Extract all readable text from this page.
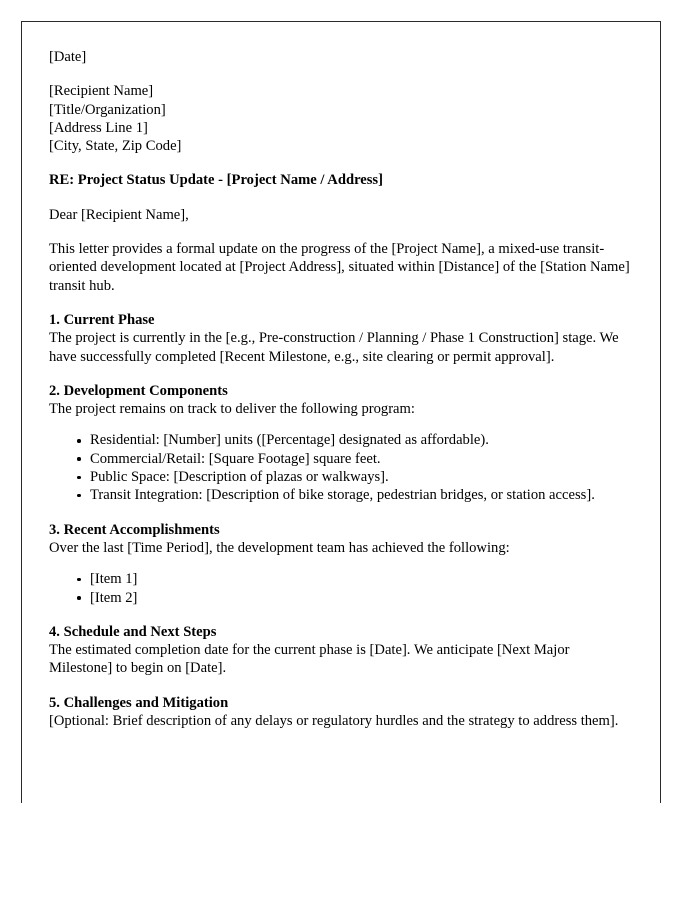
[Date]
[Recipient Name]
[Title/Organization]
[Address Line 1]
[City, State, Zip Code]
RE: Project Status Update - [Project Name / Address]
Dear [Recipient Name],
This letter provides a formal update on the progress of the [Project Name], a mixed-use transit-oriented development located at [Project Address], situated within [Distance] of the [Station Name] transit hub.
1. Current Phase
The project is currently in the [e.g., Pre-construction / Planning / Phase 1 Construction] stage. We have successfully completed [Recent Milestone, e.g., site clearing or permit approval].
2. Development Components
The project remains on track to deliver the following program:
Residential: [Number] units ([Percentage] designated as affordable).
Commercial/Retail: [Square Footage] square feet.
Public Space: [Description of plazas or walkways].
Transit Integration: [Description of bike storage, pedestrian bridges, or station access].
3. Recent Accomplishments
Over the last [Time Period], the development team has achieved the following:
[Item 1]
[Item 2]
4. Schedule and Next Steps
The estimated completion date for the current phase is [Date]. We anticipate [Next Major Milestone] to begin on [Date].
5. Challenges and Mitigation
[Optional: Brief description of any delays or regulatory hurdles and the strategy to address them].
